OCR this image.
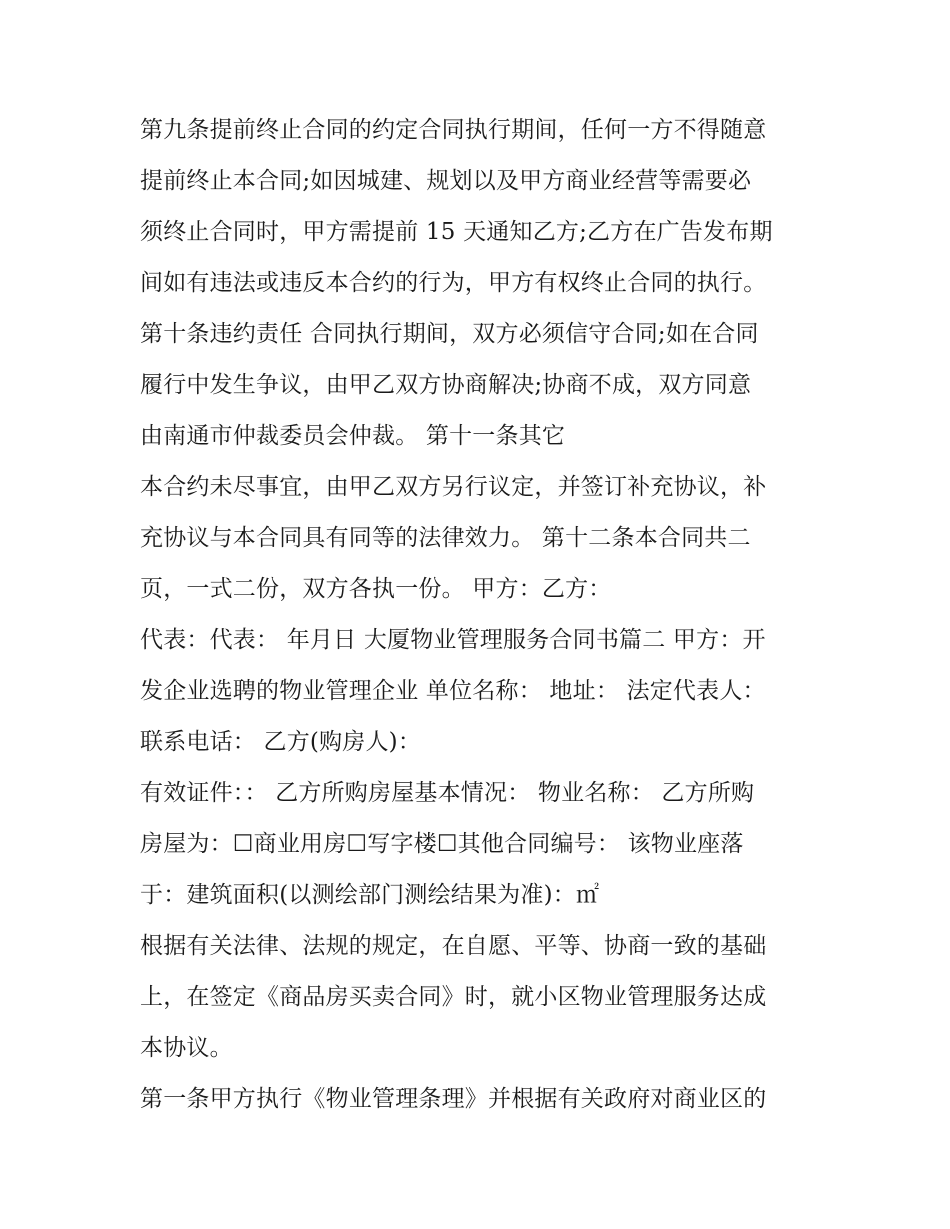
第九条提前终止合同的约定合同执行期间，任何一方不得随意
提前终止本合同;如因城建、规划以及甲方商业经营等需要必
须终止合同时，甲方需提前 15 天通知乙方;乙方在广告发布期
间如有违法或违反本合约的行为，甲方有权终止合同的执行。
第十条违约责任 合同执行期间，双方必须信守合同;如在合同
履行中发生争议，由甲乙双方协商解决;协商不成，双方同意
由南通市仲裁委员会仲裁。 第十一条其它
本合约未尽事宜，由甲乙双方另行议定，并签订补充协议，补
充协议与本合同具有同等的法律效力。 第十二条本合同共二
页，一式二份，双方各执一份。 甲方：乙方：
代表：代表： 年月日 大厦物业管理服务合同书篇二 甲方：开
发企业选聘的物业管理企业 单位名称： 地址： 法定代表人：
联系电话： 乙方(购房人)：
有效证件：： 乙方所购房屋基本情况： 物业名称： 乙方所购
房屋为：☐商业用房☐写字楼☐其他合同编号： 该物业座落
于：建筑面积(以测绘部门测绘结果为准)：㎡
根据有关法律、法规的规定，在自愿、平等、协商一致的基础
上，在签定《商品房买卖合同》时，就小区物业管理服务达成
本协议。
第一条甲方执行《物业管理条理》并根据有关政府对商业区的
